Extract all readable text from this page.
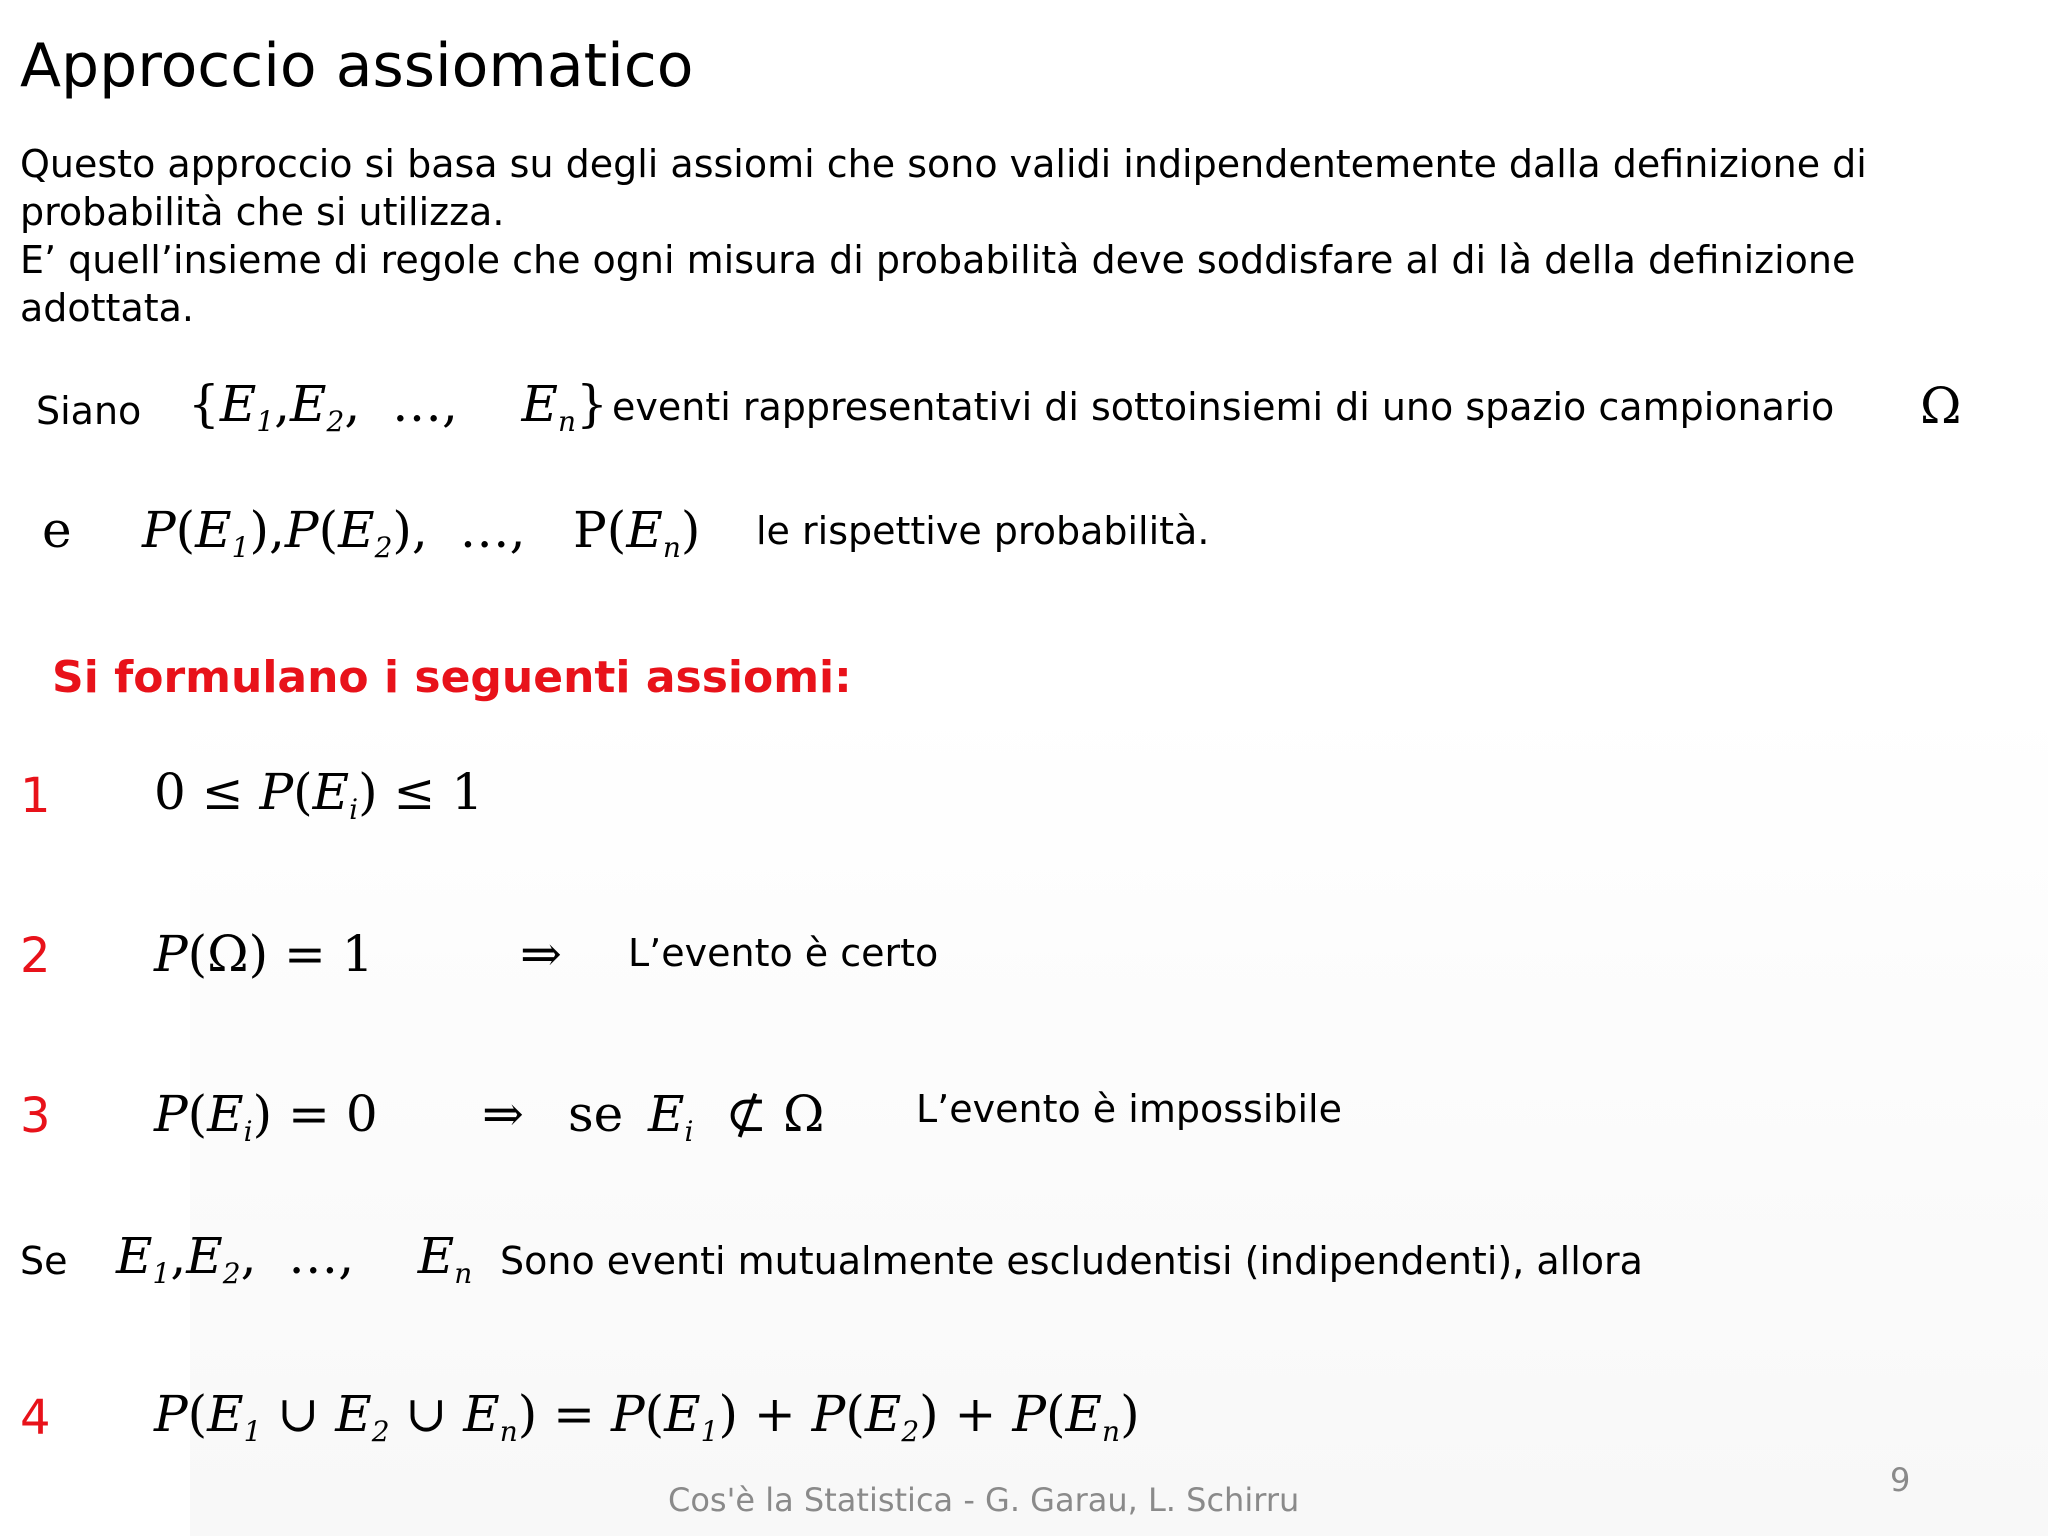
Approccio assiomatico

Questo approccio si basa su degli assiomi che sono validi indipendentemente dalla definizione di probabilità che si utilizza.

E’ quell’insieme di regole che ogni misura di probabilità deve soddisfare al di là della definizione adottata.

Siano {$E_1,E_2$,  …,    $E_n$} eventi rappresentativi di sottoinsiemi di uno spazio campionario Ω
e $P(E_1),P(E_2)$,  …,   $P(E_n)$ le rispettive probabilità.
Si formulano i seguenti assiomi:
1 $0 \le P(E_i) \le 1$
2 P(Ω) = 1	⇒ L’evento è certo
3 $P(E_i) = 0$ ⇒ se $E_i$  ⊄ Ω L’evento è impossibile
Se $E_1,E_2$,  …,    $E_n$ Sono eventi mutualmente escludentisi (indipendenti), allora
4 $P(E_1$ ∪ $E_2$ ∪ $E_n) = P(E_1) + P(E_2) + P(E_n)$
Cos'è la Statistica - G. Garau, L. Schirru
9
